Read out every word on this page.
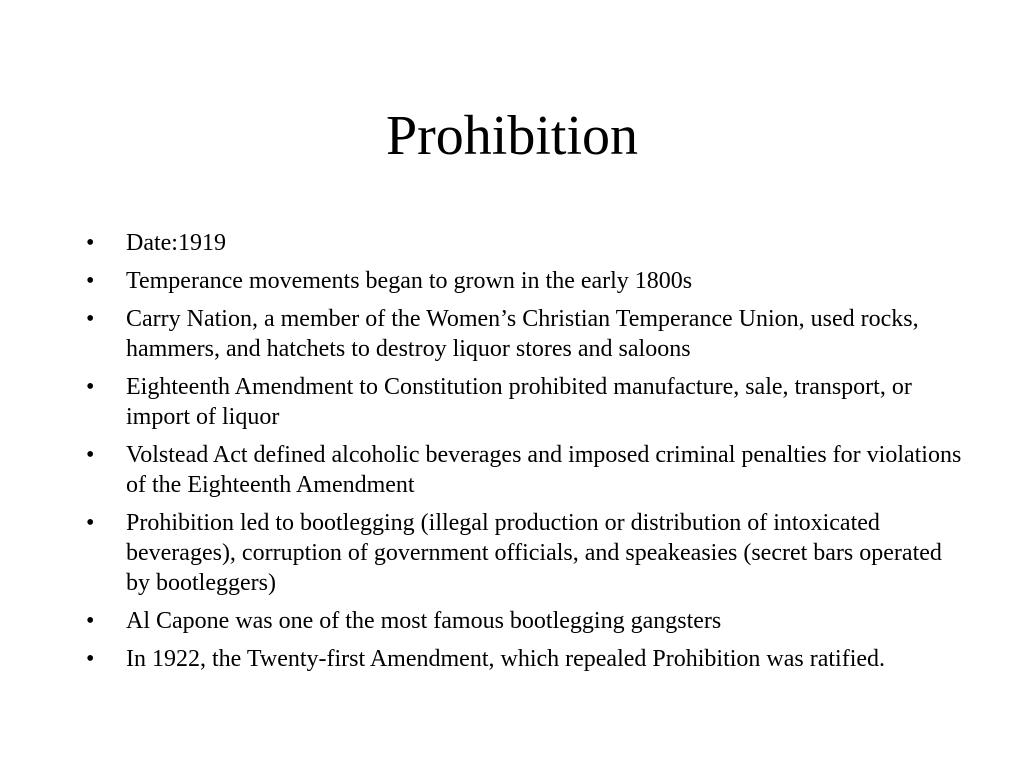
Prohibition
•	Date:1919
•	Temperance movements began to grown in the early 1800s
•	Carry Nation, a member of the Women’s Christian Temperance Union, used rocks, hammers, and hatchets to destroy liquor stores and saloons
•	Eighteenth Amendment to Constitution prohibited manufacture, sale, transport, or import of liquor
•	Volstead Act defined alcoholic beverages and imposed criminal penalties for violations of the Eighteenth Amendment
•	Prohibition led to bootlegging (illegal production or distribution of intoxicated beverages), corruption of government officials, and speakeasies (secret bars operated by bootleggers)
•	Al Capone was one of the most famous bootlegging gangsters
•	In 1922, the Twenty-first Amendment, which repealed Prohibition was ratified.
